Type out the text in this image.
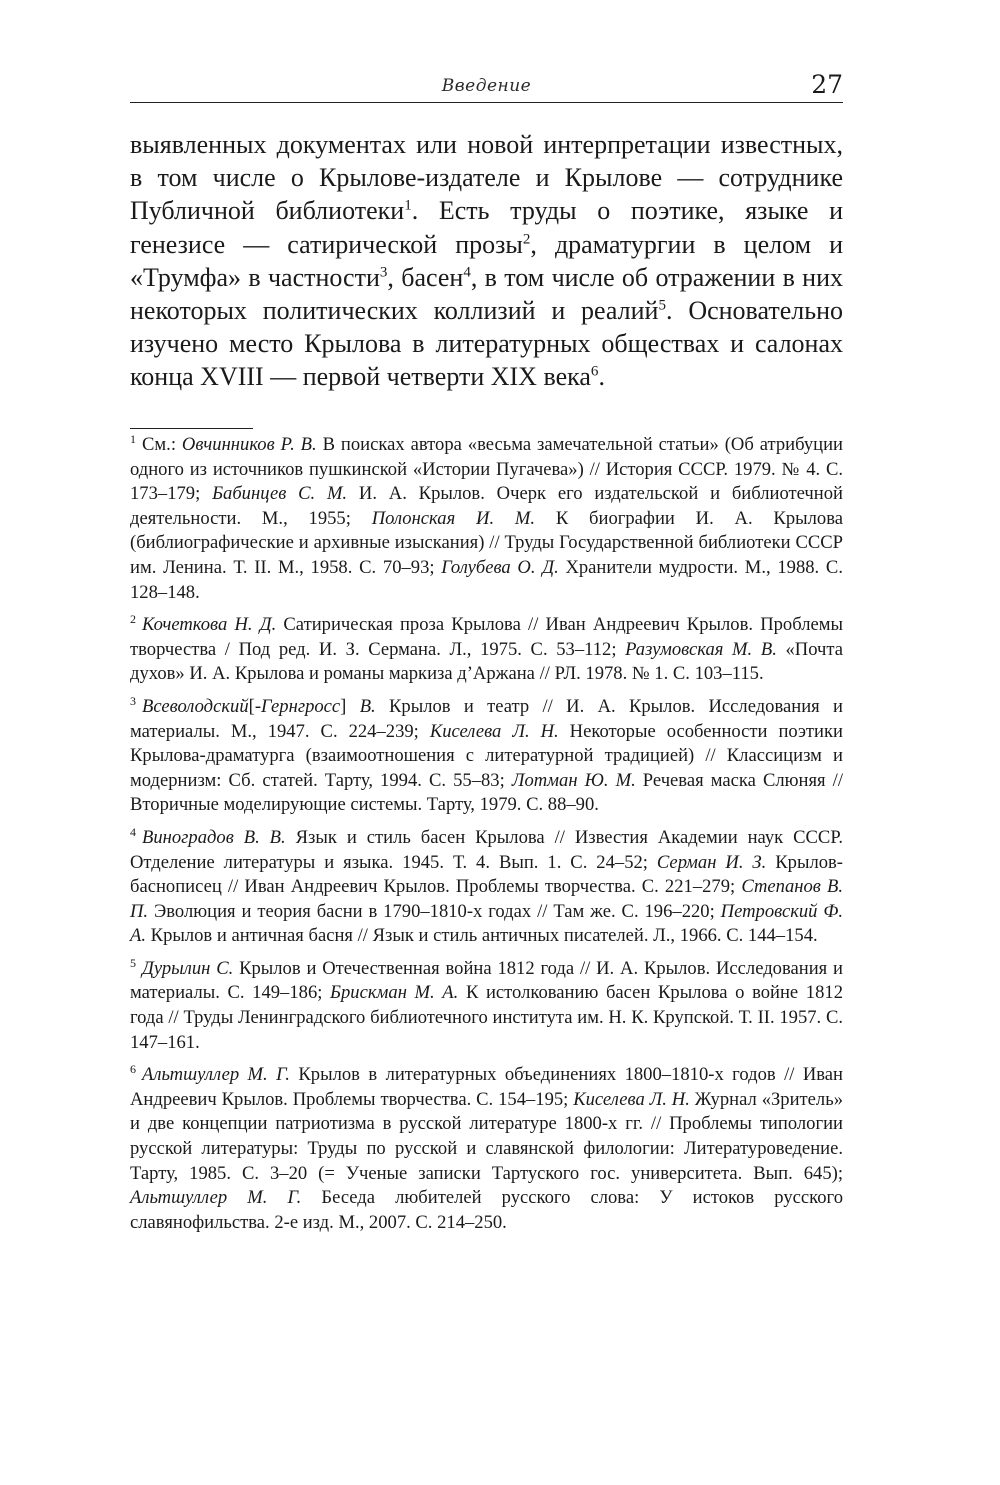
Введение	27

выявленных документах или новой интерпретации известных, в том числе о Крылове-издателе и Крылове — сотруднике Публичной библиотеки$^1$. Есть труды о поэтике, языке и генезисе — сатирической прозы$^2$, драматургии в целом и «Трумфа» в частности$^3$, басен$^4$, в том числе об отражении в них некоторых политических коллизий и реалий$^5$. Основательно изучено место Крылова в литературных обществах и салонах конца XVIII — первой четверти XIX века$^6$.

$^1$ См.: Овчинников Р. В. В поисках автора «весьма замечательной статьи» (Об атрибуции одного из источников пушкинской «Истории Пугачева») // История СССР. 1979. № 4. С. 173–179; Бабинцев С. М. И. А. Крылов. Очерк его издательской и библиотечной деятельности. М., 1955; Полонская И. М. К биографии И. А. Крылова (библиографические и архивные изыскания) // Труды Государственной библиотеки СССР им. Ленина. Т. II. М., 1958. С. 70–93; Голубева О. Д. Хранители мудрости. М., 1988. С. 128–148.

$^2$ Кочеткова Н. Д. Сатирическая проза Крылова // Иван Андреевич Крылов. Проблемы творчества / Под ред. И. З. Сермана. Л., 1975. С. 53–112; Разумовская М. В. «Почта духов» И. А. Крылова и романы маркиза д’Аржана // РЛ. 1978. № 1. С. 103–115.

$^3$ Всеволодский[-Гернгросс] В. Крылов и театр // И. А. Крылов. Исследования и материалы. М., 1947. С. 224–239; Киселева Л. Н. Некоторые особенности поэтики Крылова-драматурга (взаимоотношения с литературной традицией) // Классицизм и модернизм: Сб. статей. Тарту, 1994. С. 55–83; Лотман Ю. М. Речевая маска Слюняя // Вторичные моделирующие системы. Тарту, 1979. С. 88–90.

$^4$ Виноградов В. В. Язык и стиль басен Крылова // Известия Академии наук СССР. Отделение литературы и языка. 1945. Т. 4. Вып. 1. С. 24–52; Серман И. З. Крылов-баснописец // Иван Андреевич Крылов. Проблемы творчества. С. 221–279; Степанов В. П. Эволюция и теория басни в 1790–1810-х годах // Там же. С. 196–220; Петровский Ф. А. Крылов и античная басня // Язык и стиль античных писателей. Л., 1966. С. 144–154.

$^5$ Дурылин С. Крылов и Отечественная война 1812 года // И. А. Крылов. Исследования и материалы. С. 149–186; Брискман М. А. К истолкованию басен Крылова о войне 1812 года // Труды Ленинградского библиотечного института им. Н. К. Крупской. Т. II. 1957. С. 147–161.

$^6$ Альтшуллер М. Г. Крылов в литературных объединениях 1800–1810-х годов // Иван Андреевич Крылов. Проблемы творчества. С. 154–195; Киселева Л. Н. Журнал «Зритель» и две концепции патриотизма в русской литературе 1800-х гг. // Проблемы типологии русской литературы: Труды по русской и славянской филологии: Литературоведение. Тарту, 1985. С. 3–20 (= Ученые записки Тартуского гос. университета. Вып. 645); Альтшуллер М. Г. Беседа любителей русского слова: У истоков русского славянофильства. 2-е изд. М., 2007. С. 214–250.
